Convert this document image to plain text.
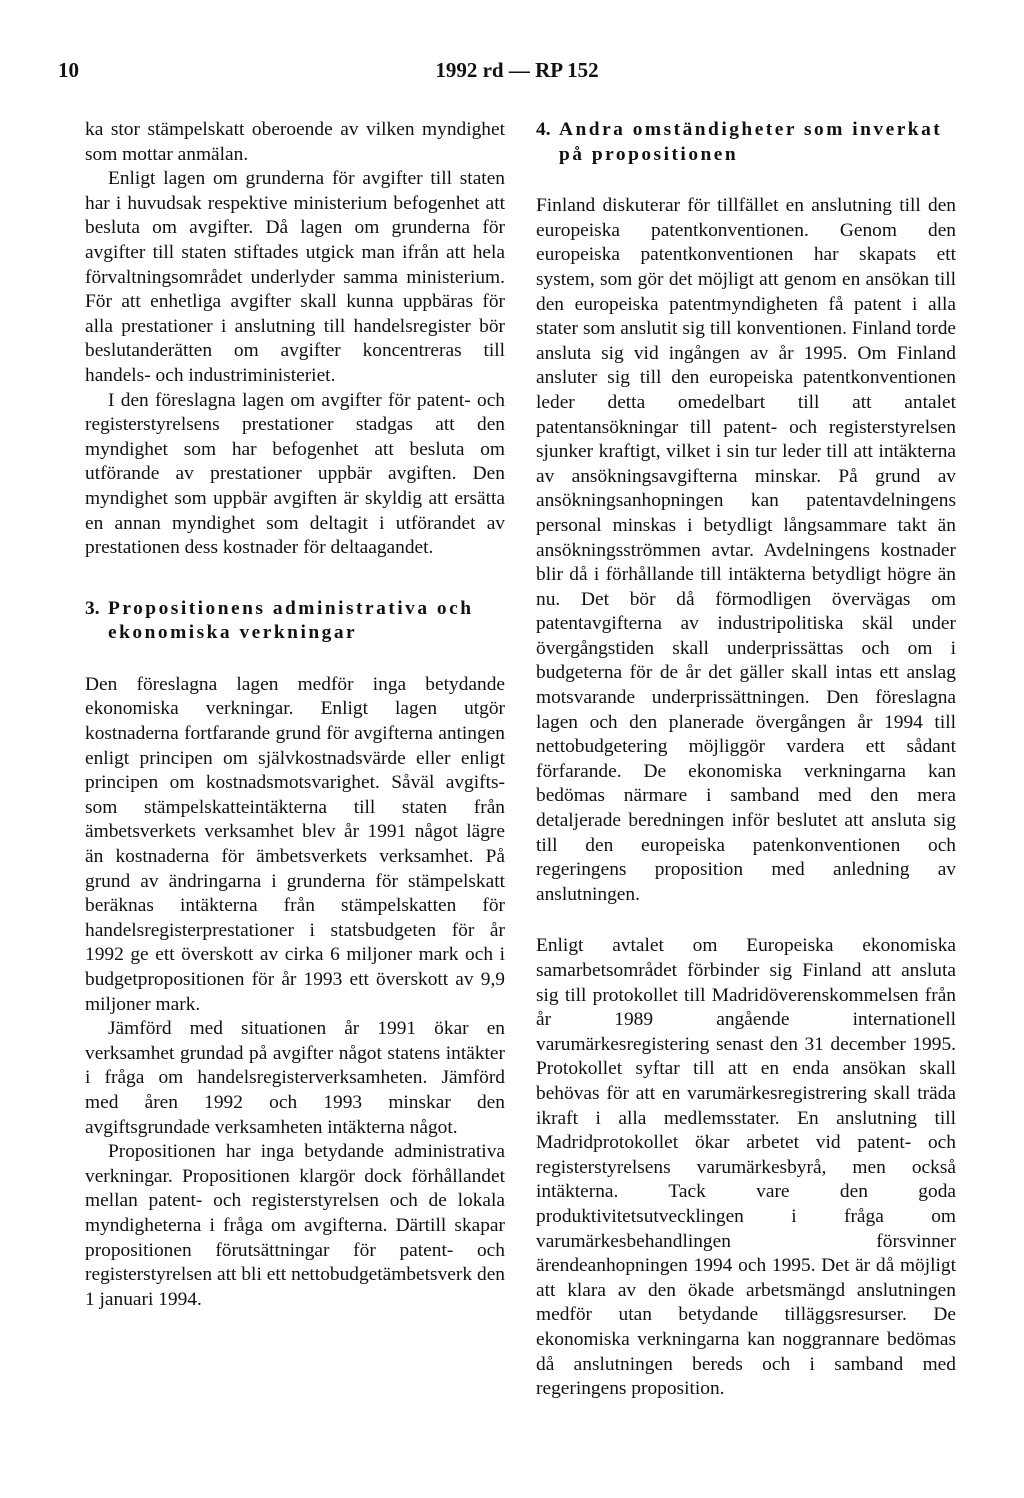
10	1992 rd — RP 152

ka stor stämpelskatt oberoende av vilken myndighet som mottar anmälan.

Enligt lagen om grunderna för avgifter till staten har i huvudsak respektive ministerium befogenhet att besluta om avgifter. Då lagen om grunderna för avgifter till staten stiftades utgick man ifrån att hela förvaltningsområdet underlyder samma ministerium. För att enhetliga avgifter skall kunna uppbäras för alla prestationer i anslutning till handelsregister bör beslutanderätten om avgifter koncentreras till handels- och industriministeriet.

I den föreslagna lagen om avgifter för patent- och registerstyrelsens prestationer stadgas att den myndighet som har befogenhet att besluta om utförande av prestationer uppbär avgiften. Den myndighet som uppbär avgiften är skyldig att ersätta en annan myndighet som deltagit i utförandet av prestationen dess kostnader för deltaagandet.

3. Propositionens administrativa och ekonomiska verkningar

Den föreslagna lagen medför inga betydande ekonomiska verkningar. Enligt lagen utgör kostnaderna fortfarande grund för avgifterna antingen enligt principen om självkostnadsvärde eller enligt principen om kostnadsmotsvarighet. Såväl avgifts- som stämpelskatteintäkterna till staten från ämbetsverkets verksamhet blev år 1991 något lägre än kostnaderna för ämbetsverkets verksamhet. På grund av ändringarna i grunderna för stämpelskatt beräknas intäkterna från stämpelskatten för handelsregisterprestationer i statsbudgeten för år 1992 ge ett överskott av cirka 6 miljoner mark och i budgetpropositionen för år 1993 ett överskott av 9,9 miljoner mark.

Jämförd med situationen år 1991 ökar en verksamhet grundad på avgifter något statens intäkter i fråga om handelsregisterverksamheten. Jämförd med åren 1992 och 1993 minskar den avgiftsgrundade verksamheten intäkterna något.

Propositionen har inga betydande administrativa verkningar. Propositionen klargör dock förhållandet mellan patent- och registerstyrelsen och de lokala myndigheterna i fråga om avgifterna. Därtill skapar propositionen förutsättningar för patent- och registerstyrelsen att bli ett nettobudgetämbetsverk den 1 januari 1994.

4. Andra omständigheter som inverkat på propositionen

Finland diskuterar för tillfället en anslutning till den europeiska patentkonventionen. Genom den europeiska patentkonventionen har skapats ett system, som gör det möjligt att genom en ansökan till den europeiska patentmyndigheten få patent i alla stater som anslutit sig till konventionen. Finland torde ansluta sig vid ingången av år 1995. Om Finland ansluter sig till den europeiska patentkonventionen leder detta omedelbart till att antalet patentansökningar till patent- och registerstyrelsen sjunker kraftigt, vilket i sin tur leder till att intäkterna av ansökningsavgifterna minskar. På grund av ansökningsanhopningen kan patentavdelningens personal minskas i betydligt långsammare takt än ansökningsströmmen avtar. Avdelningens kostnader blir då i förhållande till intäkterna betydligt högre än nu. Det bör då förmodligen övervägas om patentavgifterna av industripolitiska skäl under övergångstiden skall underprissättas och om i budgeterna för de år det gäller skall intas ett anslag motsvarande underprissättningen. Den föreslagna lagen och den planerade övergången år 1994 till nettobudgetering möjliggör vardera ett sådant förfarande. De ekonomiska verkningarna kan bedömas närmare i samband med den mera detaljerade beredningen inför beslutet att ansluta sig till den europeiska patenkonventionen och regeringens proposition med anledning av anslutningen.

Enligt avtalet om Europeiska ekonomiska samarbetsområdet förbinder sig Finland att ansluta sig till protokollet till Madridöverenskommelsen från år 1989 angående internationell varumärkesregistering senast den 31 december 1995. Protokollet syftar till att en enda ansökan skall behövas för att en varumärkesregistrering skall träda ikraft i alla medlemsstater. En anslutning till Madridprotokollet ökar arbetet vid patent- och registerstyrelsens varumärkesbyrå, men också intäkterna. Tack vare den goda produktivitetsutvecklingen i fråga om varumärkesbehandlingen försvinner ärendeanhopningen 1994 och 1995. Det är då möjligt att klara av den ökade arbetsmängd anslutningen medför utan betydande tilläggsresurser. De ekonomiska verkningarna kan noggrannare bedömas då anslutningen bereds och i samband med regeringens proposition.
